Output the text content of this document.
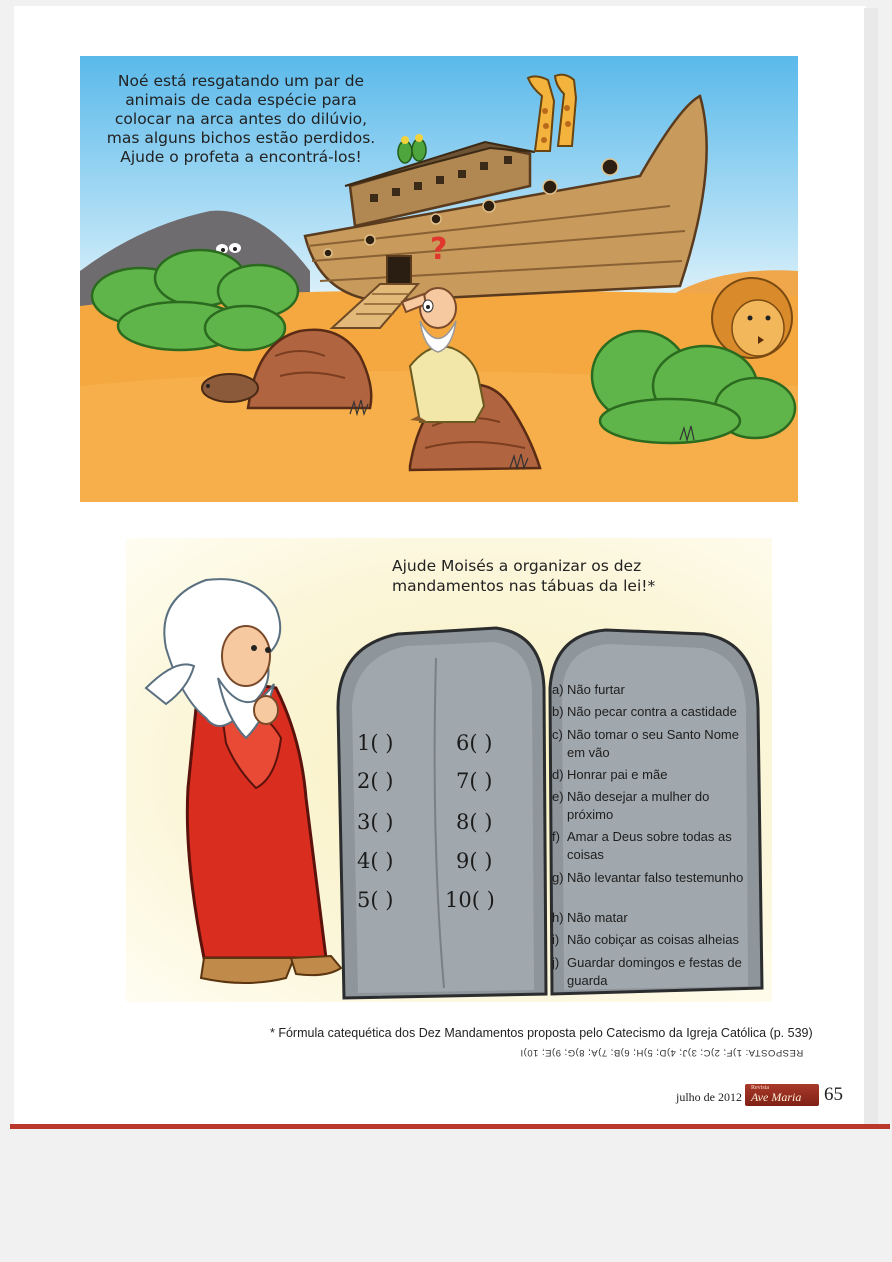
?

Noé está resgatando um par de animais de cada espécie para colocar na arca antes do dilúvio, mas alguns bichos estão perdidos. Ajude o profeta a encontrá-los!

Ajude Moisés a organizar os dez mandamentos nas tábuas da lei!*

1( )
2( )
3( )
4( )
5( )
6( )
7( )
8( )
9( )
10( )
a) Não furtar
b) Não pecar contra a castidade
c) Não tomar o seu Santo Nome em vão
d) Honrar pai e mãe
e) Não desejar a mulher do próximo
f) Amar a Deus sobre todas as coisas
g) Não levantar falso testemunho
h) Não matar
i) Não cobiçar as coisas alheias
j) Guardar domingos e festas de guarda
* Fórmula catequética dos Dez Mandamentos proposta pelo Catecismo da Igreja Católica (p. 539)
RESPOSTA: 1)F; 2)C; 3)J; 4)D; 5)H; 6)B; 7)A; 8)G; 9)E; 10)I
julho de 2012
Revista
Ave Maria 65
